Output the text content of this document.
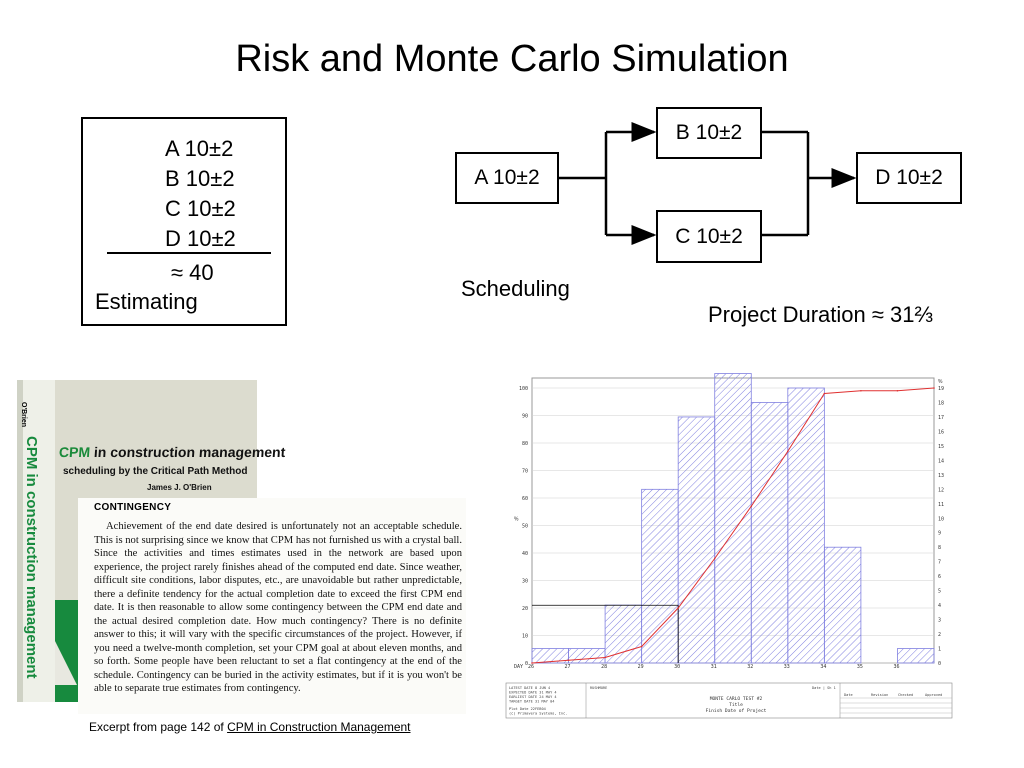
Risk and Monte Carlo Simulation
A 10±2
B 10±2
C 10±2
D 10±2
≈ 40
Estimating
A 10±2
B 10±2
C 10±2
D 10±2
Scheduling
Project Duration ≈ 31⅔
CPM in construction management
scheduling by the Critical Path Method
James J. O'Brien
O'Brien
CPM in construction management	CONTINGENCY
Achievement of the end date desired is unfortunately not an acceptable schedule. This is not surprising since we know that CPM has not furnished us with a crystal ball. Since the activities and times estimates used in the network are based upon experience, the project rarely finishes ahead of the computed end date. Since weather, difficult site conditions, labor disputes, etc., are unavoidable but rather unpredictable, there a definite tendency for the actual completion date to exceed the first CPM end date. It is then reasonable to allow some contingency between the CPM end date and the actual desired completion date. How much contingency? There is no definite answer to this; it will vary with the specific circumstances of the project. However, if you need a twelve-month completion, set your CPM goal at about eleven months, and so forth. Some people have been reluctant to set a flat contingency at the end of the schedule. Contingency can be buried in the activity estimates, but if it is you won't be able to separate true estimates from contingency.
Excerpt from page 142 of CPM in Construction Management
0
10
20
30
40
50
60
70
80
90
100
0
1
2
3
4
5
6
7
8
9
10
11
12
13
14
15
16
17
18
19
%
%
DAY 26	27	28	29	30	31	32	33	34	35	36
LATEST DATE 8 JUN 4
EXPECTED DATE 31 MAY 4
EARLIEST DATE 24 MAY 4
TARGET DATE 31 MAY 04
Plot Date 22FEB04
(c) Primavera Systems, Inc.
RUSHMORE	Date | Sh 1
MONTE CARLO TEST #2
Title
Finish Date of Project
Date	Revision	Checked	Approved
